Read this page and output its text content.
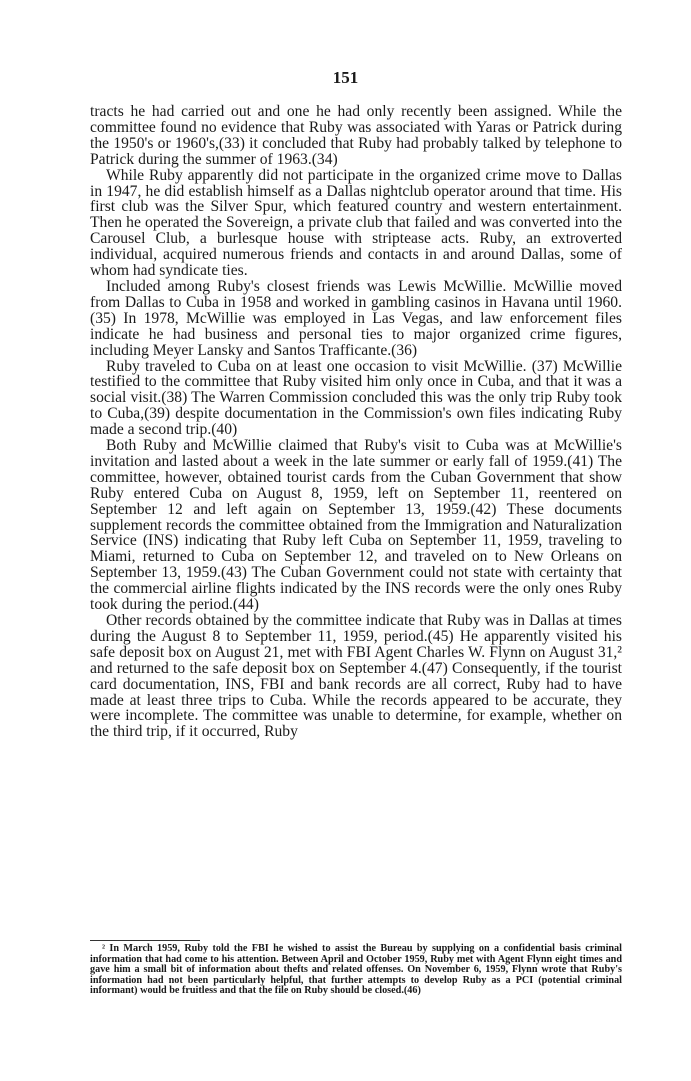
151

tracts he had carried out and one he had only recently been assigned. While the committee found no evidence that Ruby was associated with Yaras or Patrick during the 1950's or 1960's,(33) it concluded that Ruby had probably talked by telephone to Patrick during the summer of 1963.(34)

While Ruby apparently did not participate in the organized crime move to Dallas in 1947, he did establish himself as a Dallas nightclub operator around that time. His first club was the Silver Spur, which featured country and western entertainment. Then he operated the Sovereign, a private club that failed and was converted into the Carousel Club, a burlesque house with striptease acts. Ruby, an extroverted individual, acquired numerous friends and contacts in and around Dallas, some of whom had syndicate ties.

Included among Ruby's closest friends was Lewis McWillie. McWillie moved from Dallas to Cuba in 1958 and worked in gambling casinos in Havana until 1960.(35) In 1978, McWillie was employed in Las Vegas, and law enforcement files indicate he had business and personal ties to major organized crime figures, including Meyer Lansky and Santos Trafficante.(36)

Ruby traveled to Cuba on at least one occasion to visit McWillie. (37) McWillie testified to the committee that Ruby visited him only once in Cuba, and that it was a social visit.(38) The Warren Commission concluded this was the only trip Ruby took to Cuba,(39) despite documentation in the Commission's own files indicating Ruby made a second trip.(40)

Both Ruby and McWillie claimed that Ruby's visit to Cuba was at McWillie's invitation and lasted about a week in the late summer or early fall of 1959.(41) The committee, however, obtained tourist cards from the Cuban Government that show Ruby entered Cuba on August 8, 1959, left on September 11, reentered on September 12 and left again on September 13, 1959.(42) These documents supplement records the committee obtained from the Immigration and Naturalization Service (INS) indicating that Ruby left Cuba on September 11, 1959, traveling to Miami, returned to Cuba on September 12, and traveled on to New Orleans on September 13, 1959.(43) The Cuban Government could not state with certainty that the commercial airline flights indicated by the INS records were the only ones Ruby took during the period.(44)

Other records obtained by the committee indicate that Ruby was in Dallas at times during the August 8 to September 11, 1959, period.(45) He apparently visited his safe deposit box on August 21, met with FBI Agent Charles W. Flynn on August 31,² and returned to the safe deposit box on September 4.(47) Consequently, if the tourist card documentation, INS, FBI and bank records are all correct, Ruby had to have made at least three trips to Cuba. While the records appeared to be accurate, they were incomplete. The committee was unable to determine, for example, whether on the third trip, if it occurred, Ruby

² In March 1959, Ruby told the FBI he wished to assist the Bureau by supplying on a confidential basis criminal information that had come to his attention. Between April and October 1959, Ruby met with Agent Flynn eight times and gave him a small bit of information about thefts and related offenses. On November 6, 1959, Flynn wrote that Ruby's information had not been particularly helpful, that further attempts to develop Ruby as a PCI (potential criminal informant) would be fruitless and that the file on Ruby should be closed.(46)
